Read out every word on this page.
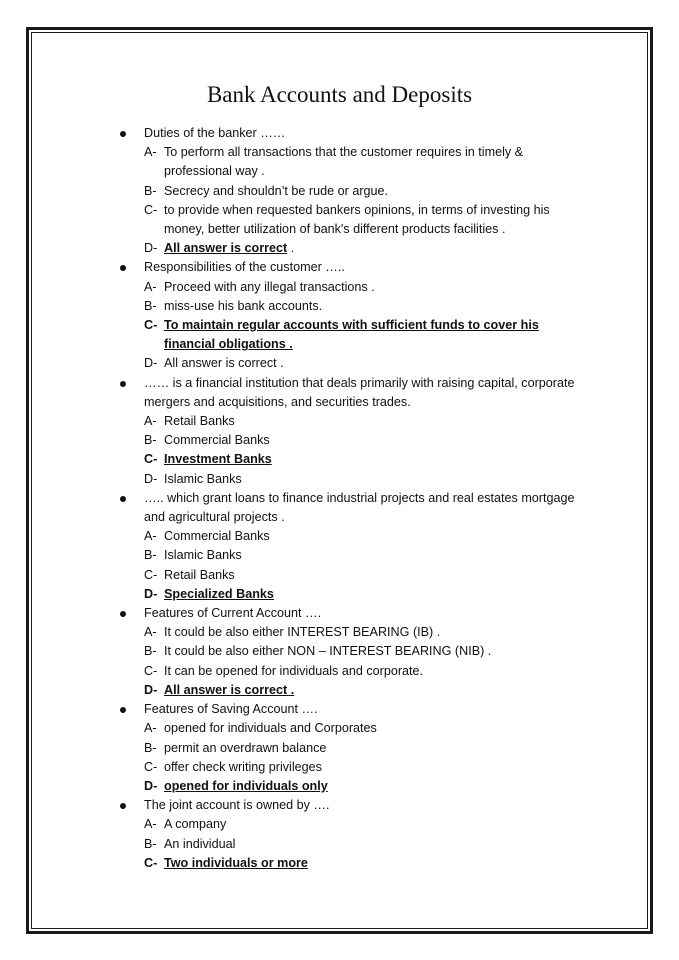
Bank Accounts and Deposits
Duties of the banker ……
A- To perform all transactions that the customer requires in timely & professional way .
B- Secrecy and shouldn’t be rude or argue.
C- to provide when requested bankers opinions, in terms of investing his money, better utilization of bank's different products facilities .
D- All answer is correct .
Responsibilities of the customer …..
A- Proceed with any illegal transactions .
B- miss-use his bank accounts.
C- To maintain regular accounts with sufficient funds to cover his financial obligations .
D- All answer is correct .
…… is a financial institution that deals primarily with raising capital, corporate mergers and acquisitions, and securities trades.
A- Retail Banks
B- Commercial Banks
C- Investment Banks
D- Islamic Banks
….. which grant loans to finance industrial projects and real estates mortgage and agricultural projects .
A- Commercial Banks
B- Islamic Banks
C- Retail Banks
D- Specialized Banks
Features of Current Account ….
A- It could be also either INTEREST BEARING (IB) .
B- It could be also either NON – INTEREST BEARING (NIB) .
C- It can be opened for individuals and corporate.
D- All answer is correct .
Features of Saving Account ….
A- opened for individuals and Corporates
B- permit an overdrawn balance
C- offer check writing privileges
D- opened for individuals only
The joint account is owned by ….
A- A company
B- An individual
C- Two individuals or more
